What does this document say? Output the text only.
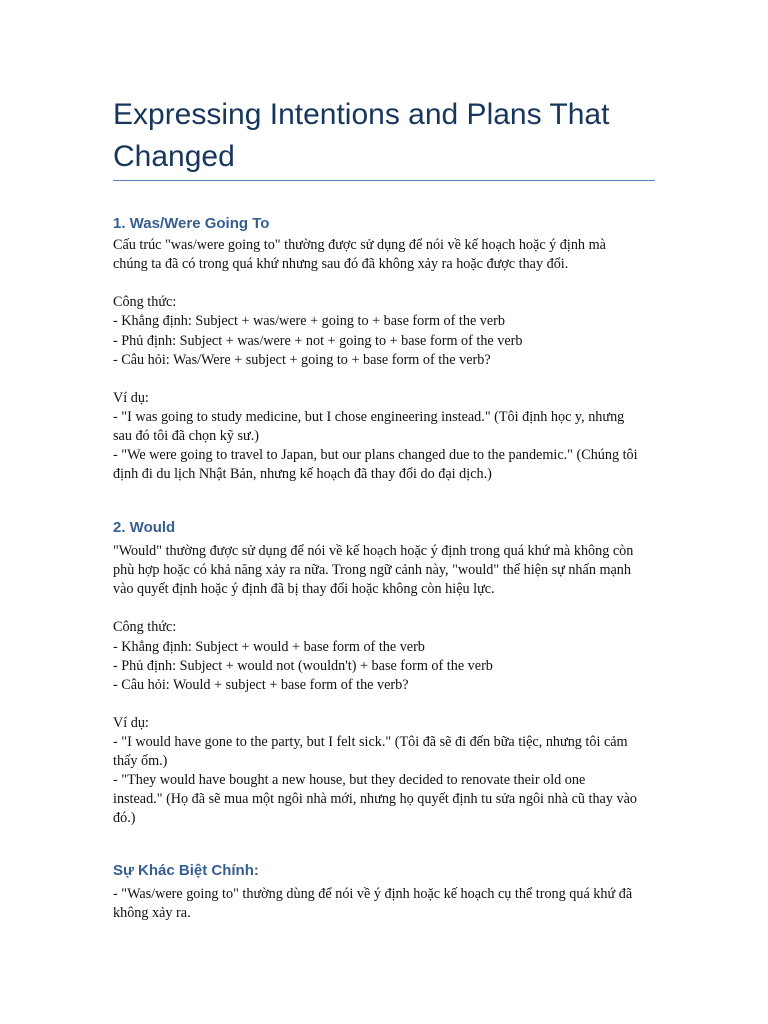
Expressing Intentions and Plans That
Changed
1. Was/Were Going To
Cấu trúc "was/were going to" thường được sử dụng để nói về kế hoạch hoặc ý định mà
chúng ta đã có trong quá khứ nhưng sau đó đã không xảy ra hoặc được thay đổi.
Công thức:
- Khẳng định: Subject + was/were + going to + base form of the verb
- Phủ định: Subject + was/were + not + going to + base form of the verb
- Câu hỏi: Was/Were + subject + going to + base form of the verb?
Ví dụ:
- "I was going to study medicine, but I chose engineering instead." (Tôi định học y, nhưng
sau đó tôi đã chọn kỹ sư.)
- "We were going to travel to Japan, but our plans changed due to the pandemic." (Chúng tôi
định đi du lịch Nhật Bản, nhưng kế hoạch đã thay đổi do đại dịch.)
2. Would
"Would" thường được sử dụng để nói về kế hoạch hoặc ý định trong quá khứ mà không còn
phù hợp hoặc có khả năng xảy ra nữa. Trong ngữ cảnh này, "would" thể hiện sự nhấn mạnh
vào quyết định hoặc ý định đã bị thay đổi hoặc không còn hiệu lực.
Công thức:
- Khẳng định: Subject + would + base form of the verb
- Phủ định: Subject + would not (wouldn't) + base form of the verb
- Câu hỏi: Would + subject + base form of the verb?
Ví dụ:
- "I would have gone to the party, but I felt sick." (Tôi đã sẽ đi đến bữa tiệc, nhưng tôi cảm
thấy ốm.)
- "They would have bought a new house, but they decided to renovate their old one
instead." (Họ đã sẽ mua một ngôi nhà mới, nhưng họ quyết định tu sửa ngôi nhà cũ thay vào
đó.)
Sự Khác Biệt Chính:
- "Was/were going to" thường dùng để nói về ý định hoặc kế hoạch cụ thể trong quá khứ đã
không xảy ra.
